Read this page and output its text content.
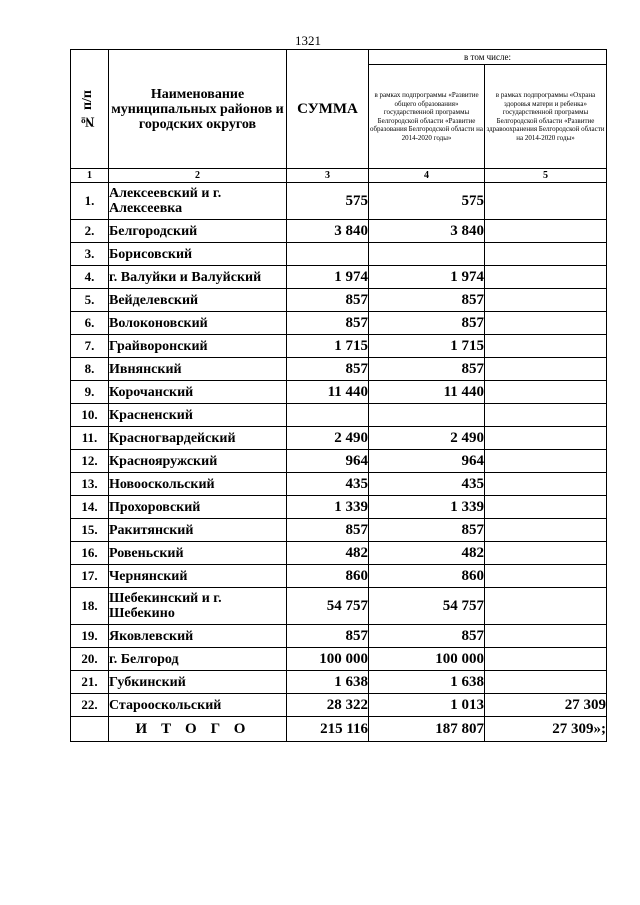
1321
№ п/п	Наименование муниципальных районов и городских округов	СУММА	в том числе:	
			в рамках подпрограммы «Развитие общего образования» государственной программы Белгородской области «Развитие образования Белгородской области на 2014-2020 годы»	в рамках подпрограммы «Охрана здоровья матери и ребенка» государственной программы Белгородской области «Развитие здравоохранения Белгородской области на 2014-2020 годы»
1	2	3	4	5
1.	Алексеевский и г. Алексеевка	575	575	
2.	Белгородский	3 840	3 840	
3.	Борисовский			
4.	г. Валуйки и Валуйский	1 974	1 974	
5.	Вейделевский	857	857	
6.	Волоконовский	857	857	
7.	Грайворонский	1 715	1 715	
8.	Ивнянский	857	857	
9.	Корочанский	11 440	11 440	
10.	Красненский			
11.	Красногвардейский	2 490	2 490	
12.	Краснояружский	964	964	
13.	Новооскольский	435	435	
14.	Прохоровский	1 339	1 339	
15.	Ракитянский	857	857	
16.	Ровеньский	482	482	
17.	Чернянский	860	860	
18.	Шебекинский и г. Шебекино	54 757	54 757	
19.	Яковлевский	857	857	
20.	г. Белгород	100 000	100 000	
21.	Губкинский	1 638	1 638	
22.	Старооскольский	28 322	1 013	27 309
	ИТОГО	215 116	187 807	27 309»;
